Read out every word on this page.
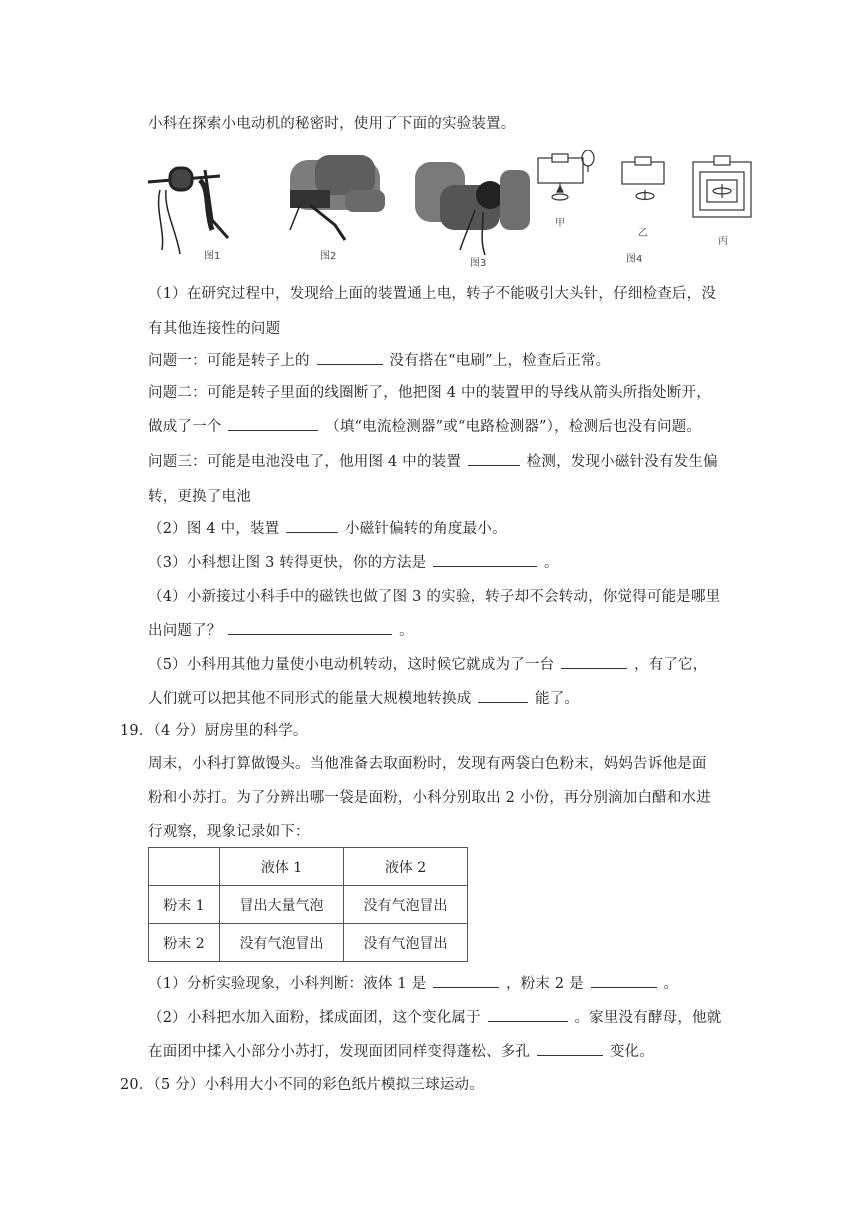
小科在探索小电动机的秘密时，使用了下面的实验装置。
图1	图2
图3
甲
乙
丙
图4
（1）在研究过程中，发现给上面的装置通上电，转子不能吸引大头针，仔细检查后，没
有其他连接性的问题
问题一：可能是转子上的	没有搭在“电刷”上，检查后正常。
问题二：可能是转子里面的线圈断了，他把图 4 中的装置甲的导线从箭头所指处断开，
做成了一个	（填“电流检测器”或“电路检测器”），检测后也没有问题。
问题三：可能是电池没电了，他用图 4 中的装置	检测，发现小磁针没有发生偏
转，更换了电池
（2）图 4 中，装置	小磁针偏转的角度最小。
（3）小科想让图 3 转得更快，你的方法是	。
（4）小新接过小科手中的磁铁也做了图 3 的实验，转子却不会转动，你觉得可能是哪里
出问题了？	。
（5）小科用其他力量使小电动机转动，这时候它就成为了一台	，有了它，
人们就可以把其他不同形式的能量大规模地转换成	能了。
19．（4 分）厨房里的科学。
周末，小科打算做馒头。当他准备去取面粉时，发现有两袋白色粉末，妈妈告诉他是面
粉和小苏打。为了分辨出哪一袋是面粉，小科分别取出 2 小份，再分别滴加白醋和水进
行观察，现象记录如下：
	液体 1	液体 2
粉末 1	冒出大量气泡	没有气泡冒出
粉末 2	没有气泡冒出	没有气泡冒出
（1）分析实验现象，小科判断：液体 1 是	，粉末 2 是	。
（2）小科把水加入面粉，揉成面团，这个变化属于	。家里没有酵母，他就
在面团中揉入小部分小苏打，发现面团同样变得蓬松、多孔	变化。
20．（5 分）小科用大小不同的彩色纸片模拟三球运动。
